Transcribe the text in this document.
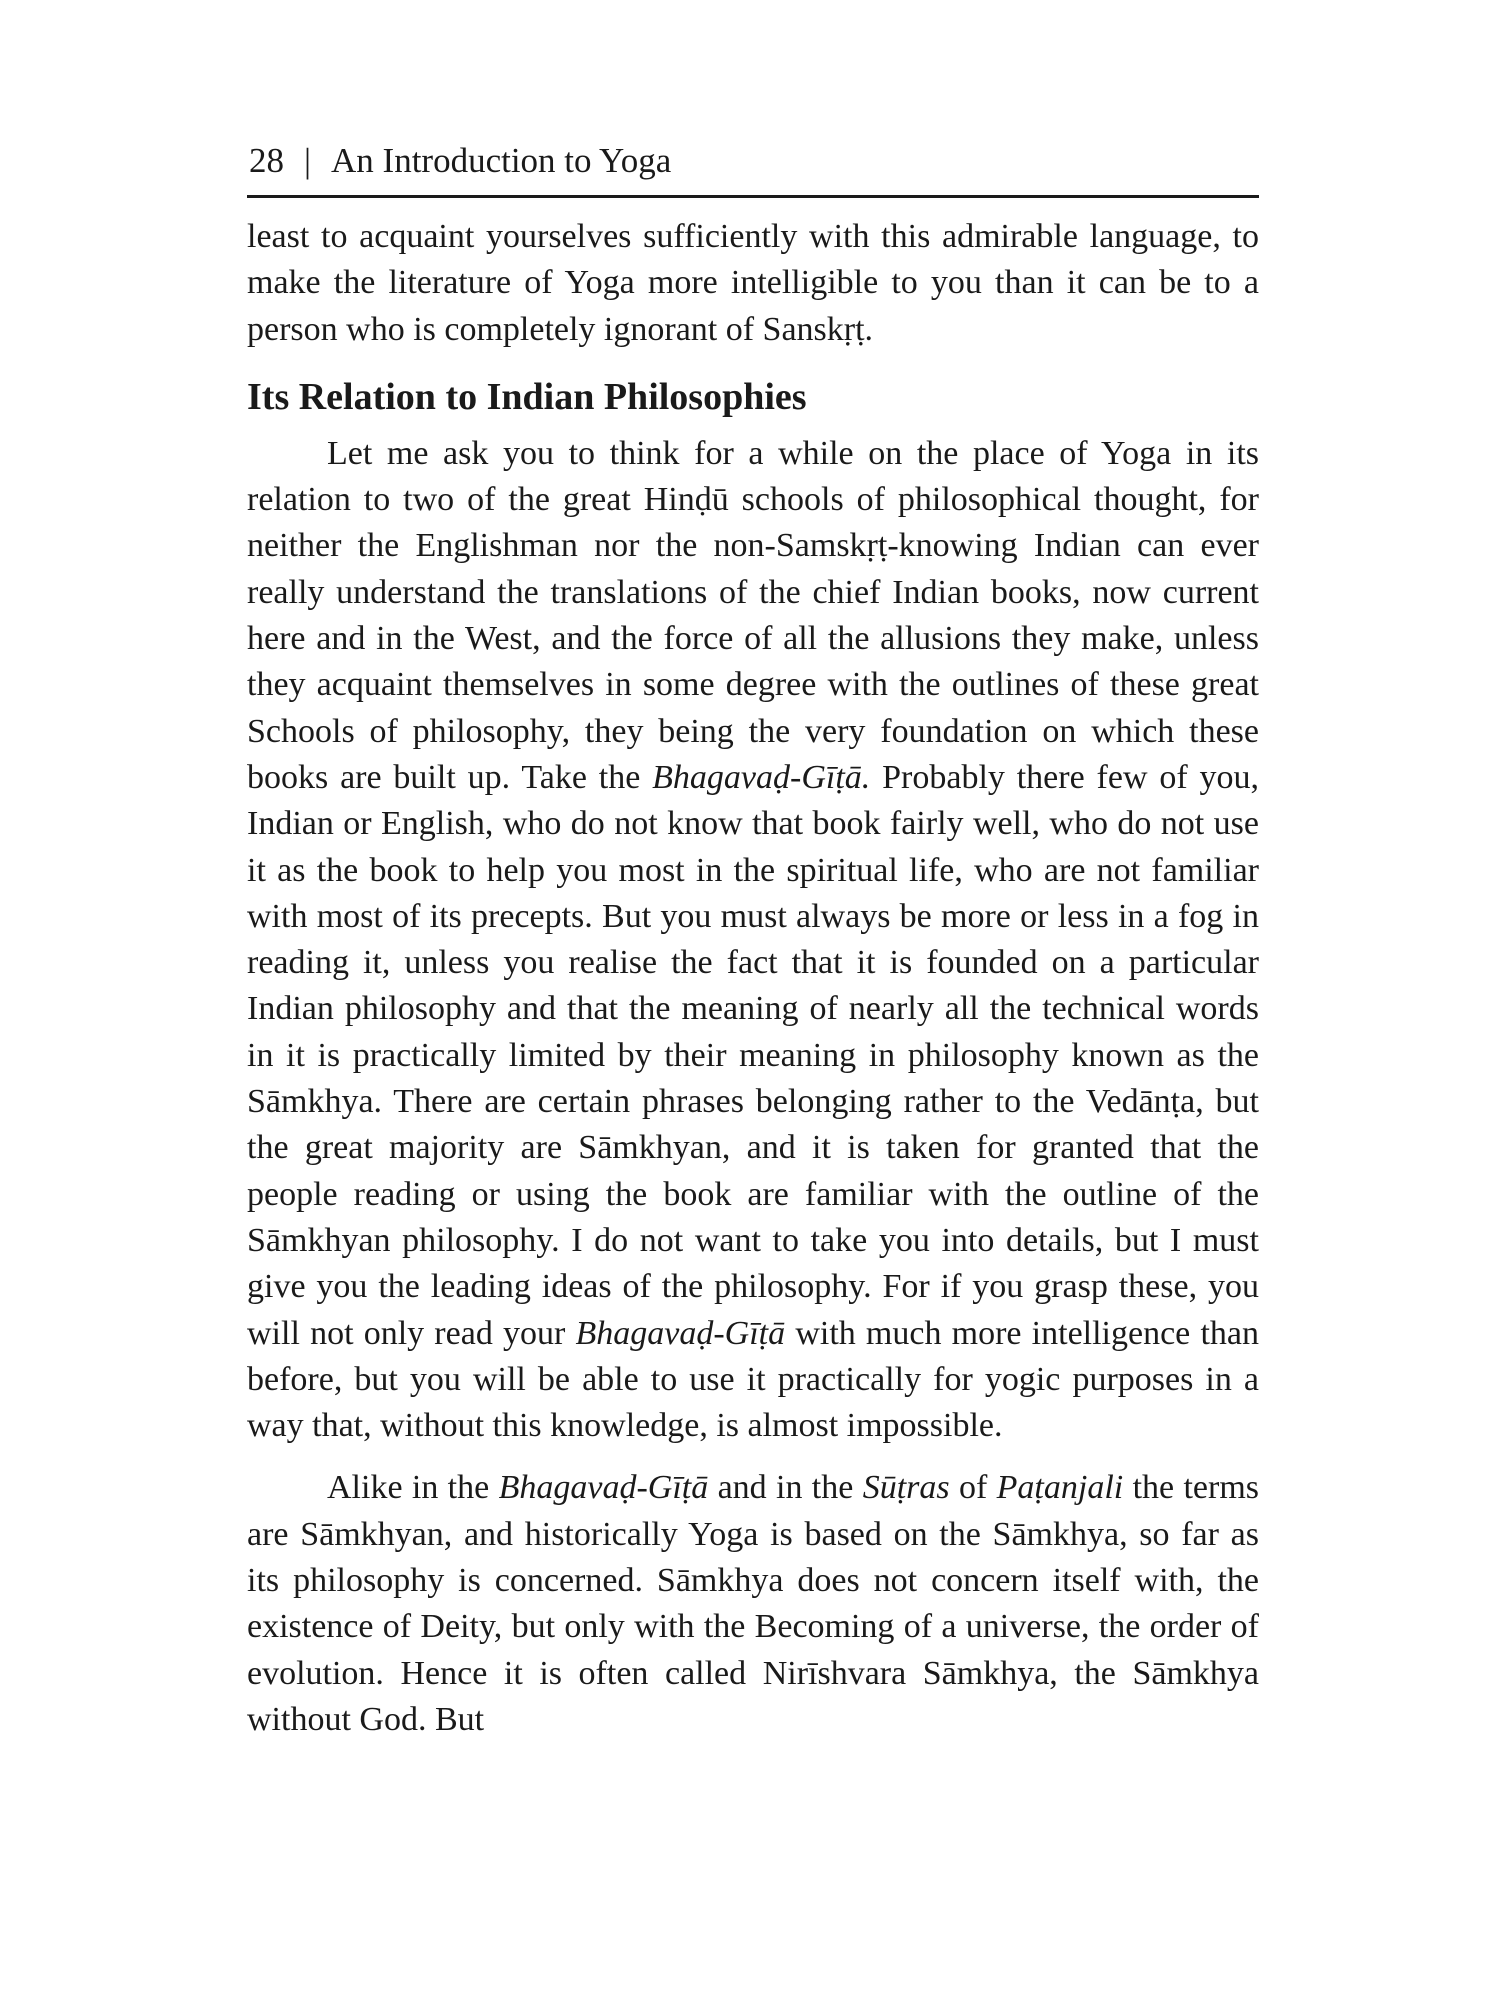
28 | An Introduction to Yoga

least to acquaint yourselves sufficiently with this admirable language, to make the literature of Yoga more intelligible to you than it can be to a person who is completely ignorant of Sanskṛṭ.

Its Relation to Indian Philosophies

Let me ask you to think for a while on the place of Yoga in its relation to two of the great Hinḍū schools of philosophical thought, for neither the Englishman nor the non-Samskṛṭ-knowing Indian can ever really understand the translations of the chief Indian books, now current here and in the West, and the force of all the allusions they make, unless they acquaint themselves in some degree with the outlines of these great Schools of philosophy, they being the very foundation on which these books are built up. Take the Bhagavaḍ-Gīṭā. Probably there few of you, Indian or English, who do not know that book fairly well, who do not use it as the book to help you most in the spiritual life, who are not familiar with most of its precepts. But you must always be more or less in a fog in reading it, unless you realise the fact that it is founded on a particular Indian philosophy and that the meaning of nearly all the technical words in it is practically limited by their meaning in philosophy known as the Sāmkhya. There are certain phrases belonging rather to the Vedānṭa, but the great majority are Sāmkhyan, and it is taken for granted that the people reading or using the book are familiar with the outline of the Sāmkhyan philosophy. I do not want to take you into details, but I must give you the leading ideas of the philosophy. For if you grasp these, you will not only read your Bhagavaḍ-Gīṭā with much more intelligence than before, but you will be able to use it practically for yogic purposes in a way that, without this knowledge, is almost impossible.

Alike in the Bhagavaḍ-Gīṭā and in the Sūṭras of Paṭanjali the terms are Sāmkhyan, and historically Yoga is based on the Sāmkhya, so far as its philosophy is concerned. Sāmkhya does not concern itself with, the existence of Deity, but only with the Becoming of a universe, the order of evolution. Hence it is often called Nirīshvara Sāmkhya, the Sāmkhya without God. But
